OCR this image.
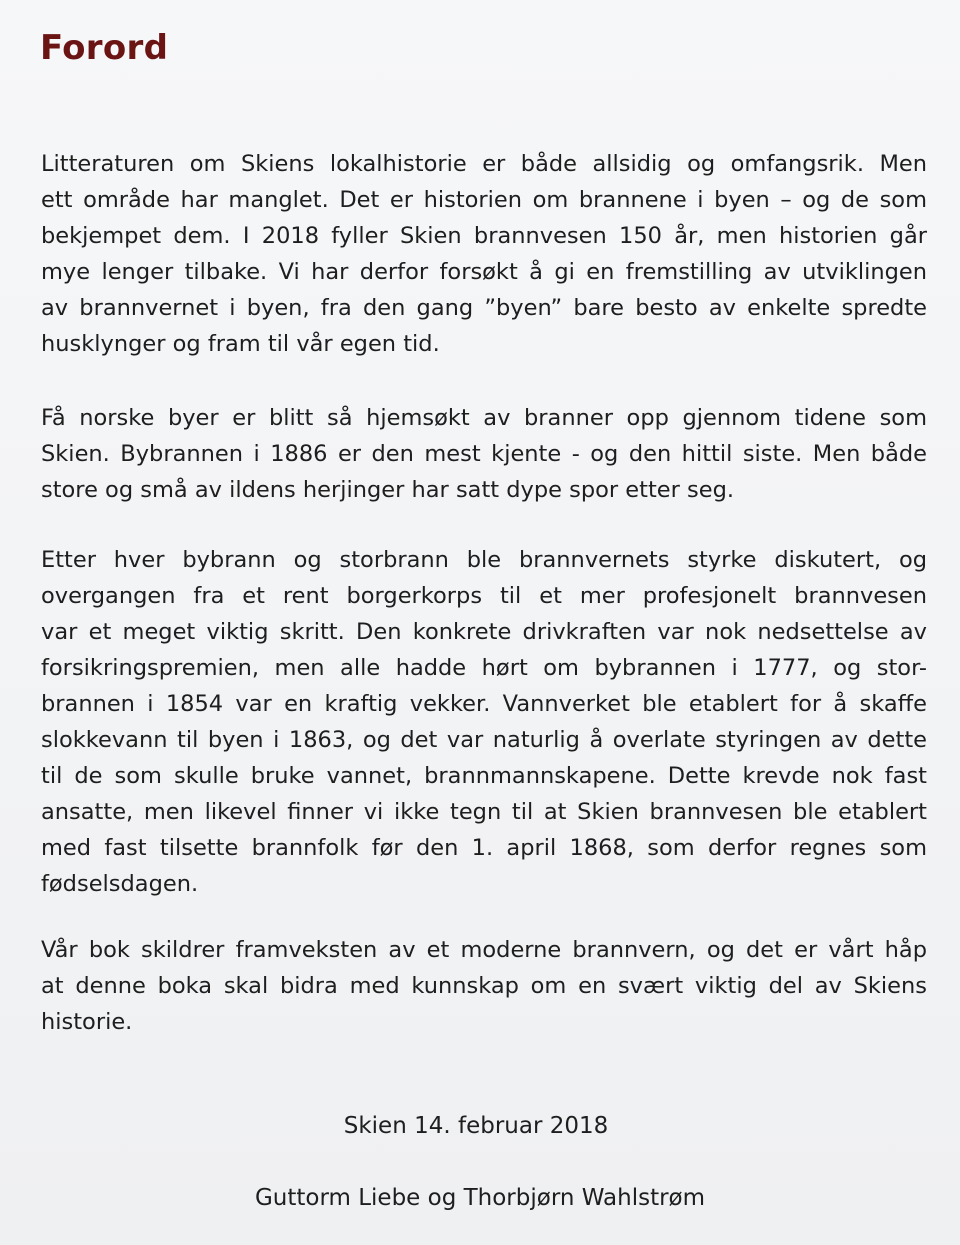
Forord
Litteraturen om Skiens lokalhistorie er både allsidig og omfangsrik. Men
ett område har manglet. Det er historien om brannene i byen – og de som
bekjempet dem. I 2018 fyller Skien brannvesen 150 år, men historien går
mye lenger tilbake. Vi har derfor forsøkt å gi en fremstilling av utviklingen
av brannvernet i byen, fra den gang ”byen” bare besto av enkelte spredte
husklynger og fram til vår egen tid.
Få norske byer er blitt så hjemsøkt av branner opp gjennom tidene som
Skien. Bybrannen i 1886 er den mest kjente - og den hittil siste. Men både
store og små av ildens herjinger har satt dype spor etter seg.
Etter hver bybrann og storbrann ble brannvernets styrke diskutert, og
overgangen fra et rent borgerkorps til et mer profesjonelt brannvesen
var et meget viktig skritt. Den konkrete drivkraften var nok nedsettelse av
forsikringspremien, men alle hadde hørt om bybrannen i 1777, og stor-
brannen i 1854 var en kraftig vekker. Vannverket ble etablert for å skaffe
slokkevann til byen i 1863, og det var naturlig å overlate styringen av dette
til de som skulle bruke vannet, brannmannskapene. Dette krevde nok fast
ansatte, men likevel finner vi ikke tegn til at Skien brannvesen ble etablert
med fast tilsette brannfolk før den 1. april 1868, som derfor regnes som
fødselsdagen.
Vår bok skildrer framveksten av et moderne brannvern, og det er vårt håp
at denne boka skal bidra med kunnskap om en svært viktig del av Skiens
historie.
Skien 14. februar 2018
Guttorm Liebe og Thorbjørn Wahlstrøm
